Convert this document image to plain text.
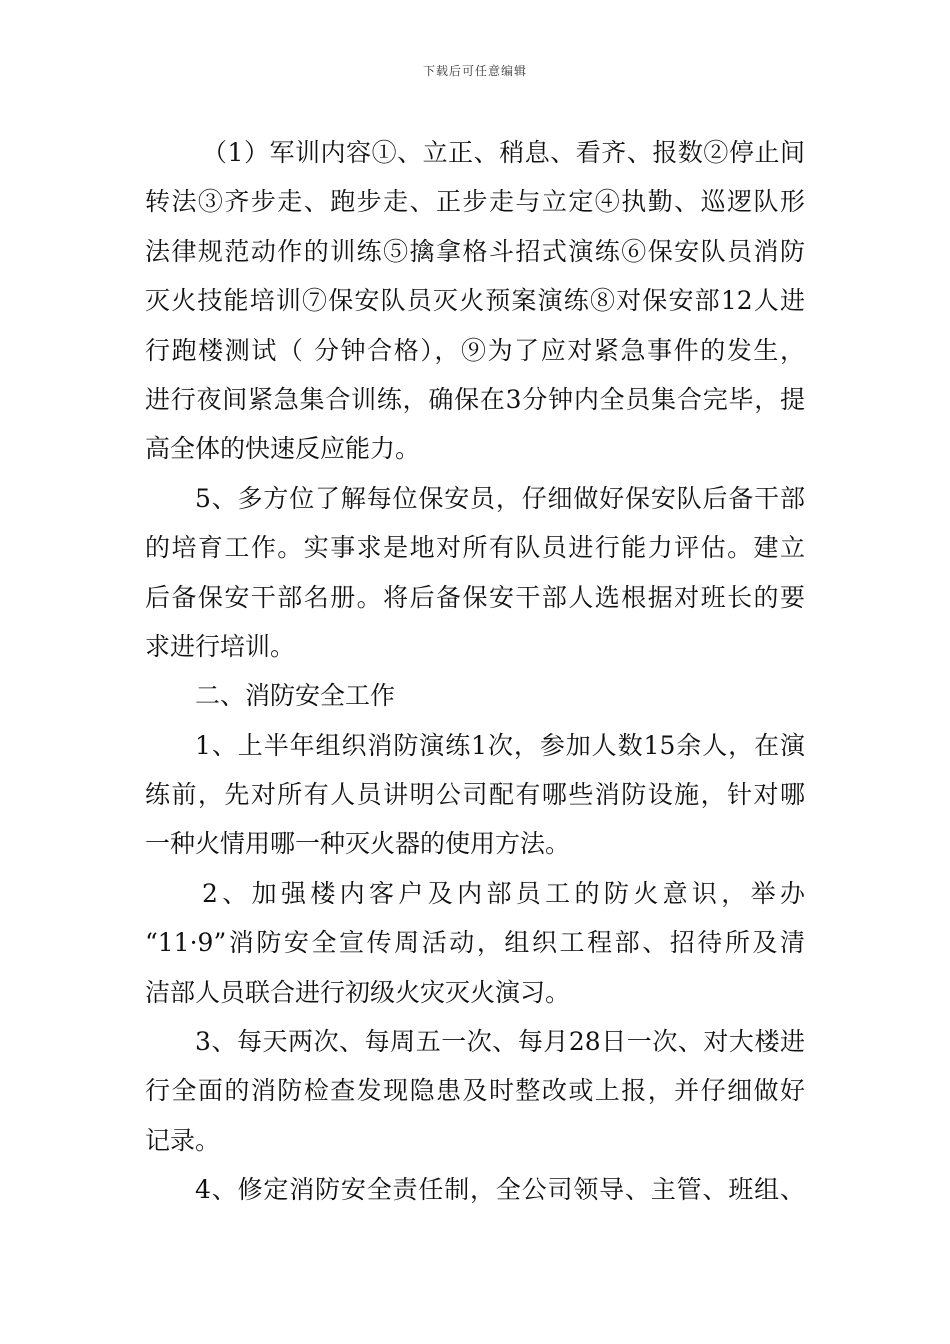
下载后可任意编辑
（1）军训内容①、立正、稍息、看齐、报数②停止间
转法③齐步走、跑步走、正步走与立定④执勤、巡逻队形
法律规范动作的训练⑤擒拿格斗招式演练⑥保安队员消防
灭火技能培训⑦保安队员灭火预案演练⑧对保安部12人进
行跑楼测试（ 分钟合格），⑨为了应对紧急事件的发生，
进行夜间紧急集合训练，确保在3分钟内全员集合完毕，提
高全体的快速反应能力。
5、多方位了解每位保安员，仔细做好保安队后备干部
的培育工作。实事求是地对所有队员进行能力评估。建立
后备保安干部名册。将后备保安干部人选根据对班长的要
求进行培训。
二、消防安全工作
1、上半年组织消防演练1次，参加人数15余人，在演
练前，先对所有人员讲明公司配有哪些消防设施，针对哪
一种火情用哪一种灭火器的使用方法。
2、加强楼内客户及内部员工的防火意识，举办
“11·9”消防安全宣传周活动，组织工程部、招待所及清
洁部人员联合进行初级火灾灭火演习。
3、每天两次、每周五一次、每月28日一次、对大楼进
行全面的消防检查发现隐患及时整改或上报，并仔细做好
记录。
4、修定消防安全责任制，全公司领导、主管、班组、
